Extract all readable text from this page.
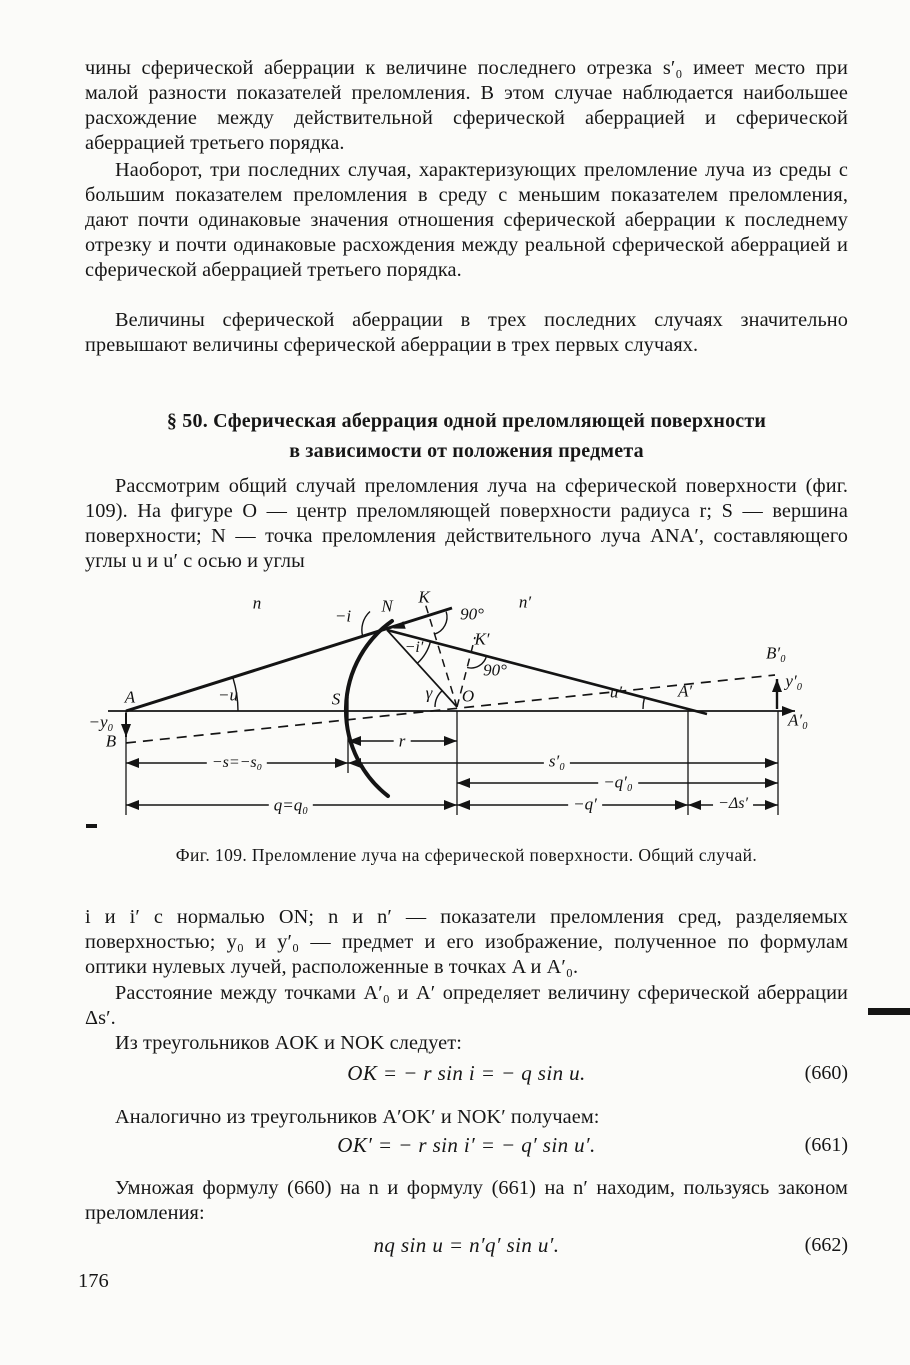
чины сферической аберрации к величине последнего отрезка s′₀ имеет место при малой разности показателей преломления. В этом случае наблюдается наибольшее расхождение между действительной сферической аберрацией и сферической аберрацией третьего порядка.
Наоборот, три последних случая, характеризующих преломление луча из среды с большим показателем преломления в среду с меньшим показателем преломления, дают почти одинаковые значения отношения сферической аберрации к последнему отрезку и почти одинаковые расхождения между реальной сферической аберрацией и сферической аберрацией третьего порядка.
Величины сферической аберрации в трех последних случаях значительно превышают величины сферической аберрации в трех первых случаях.
§ 50. Сферическая аберрация одной преломляющей поверхности
в зависимости от положения предмета
Рассмотрим общий случай преломления луча на сферической поверхности (фиг. 109). На фигуре O — центр преломляющей поверхности радиуса r; S — вершина поверхности; N — точка преломления действительного луча ANA′, составляющего углы u и u′ с осью и углы
n	n′
A	−u
−y₀
B
S
−i
N K
90°
−i′	K′
90°
γ O	u′	A′
B′₀
y′₀
A′₀
r
−s=−s₀	s′₀
−q′₀
q=q₀	−q′	−Δs′
Фиг. 109. Преломление луча на сферической поверхности. Общий случай.
i и i′ с нормалью ON; n и n′ — показатели преломления сред, разделяемых поверхностью; y₀ и y′₀ — предмет и его изображение, полученное по формулам оптики нулевых лучей, расположенные в точках A и A′₀.
Расстояние между точками A′₀ и A′ определяет величину сферической аберрации Δs′.
Из треугольников AOK и NOK следует:
OK = − r sin i = − q sin u.	(660)
Аналогично из треугольников A′OK′ и NOK′ получаем:
OK′ = − r sin i′ = − q′ sin u′.	(661)
Умножая формулу (660) на n и формулу (661) на n′ находим, пользуясь законом преломления:
nq sin u = n′q′ sin u′.	(662)
176
